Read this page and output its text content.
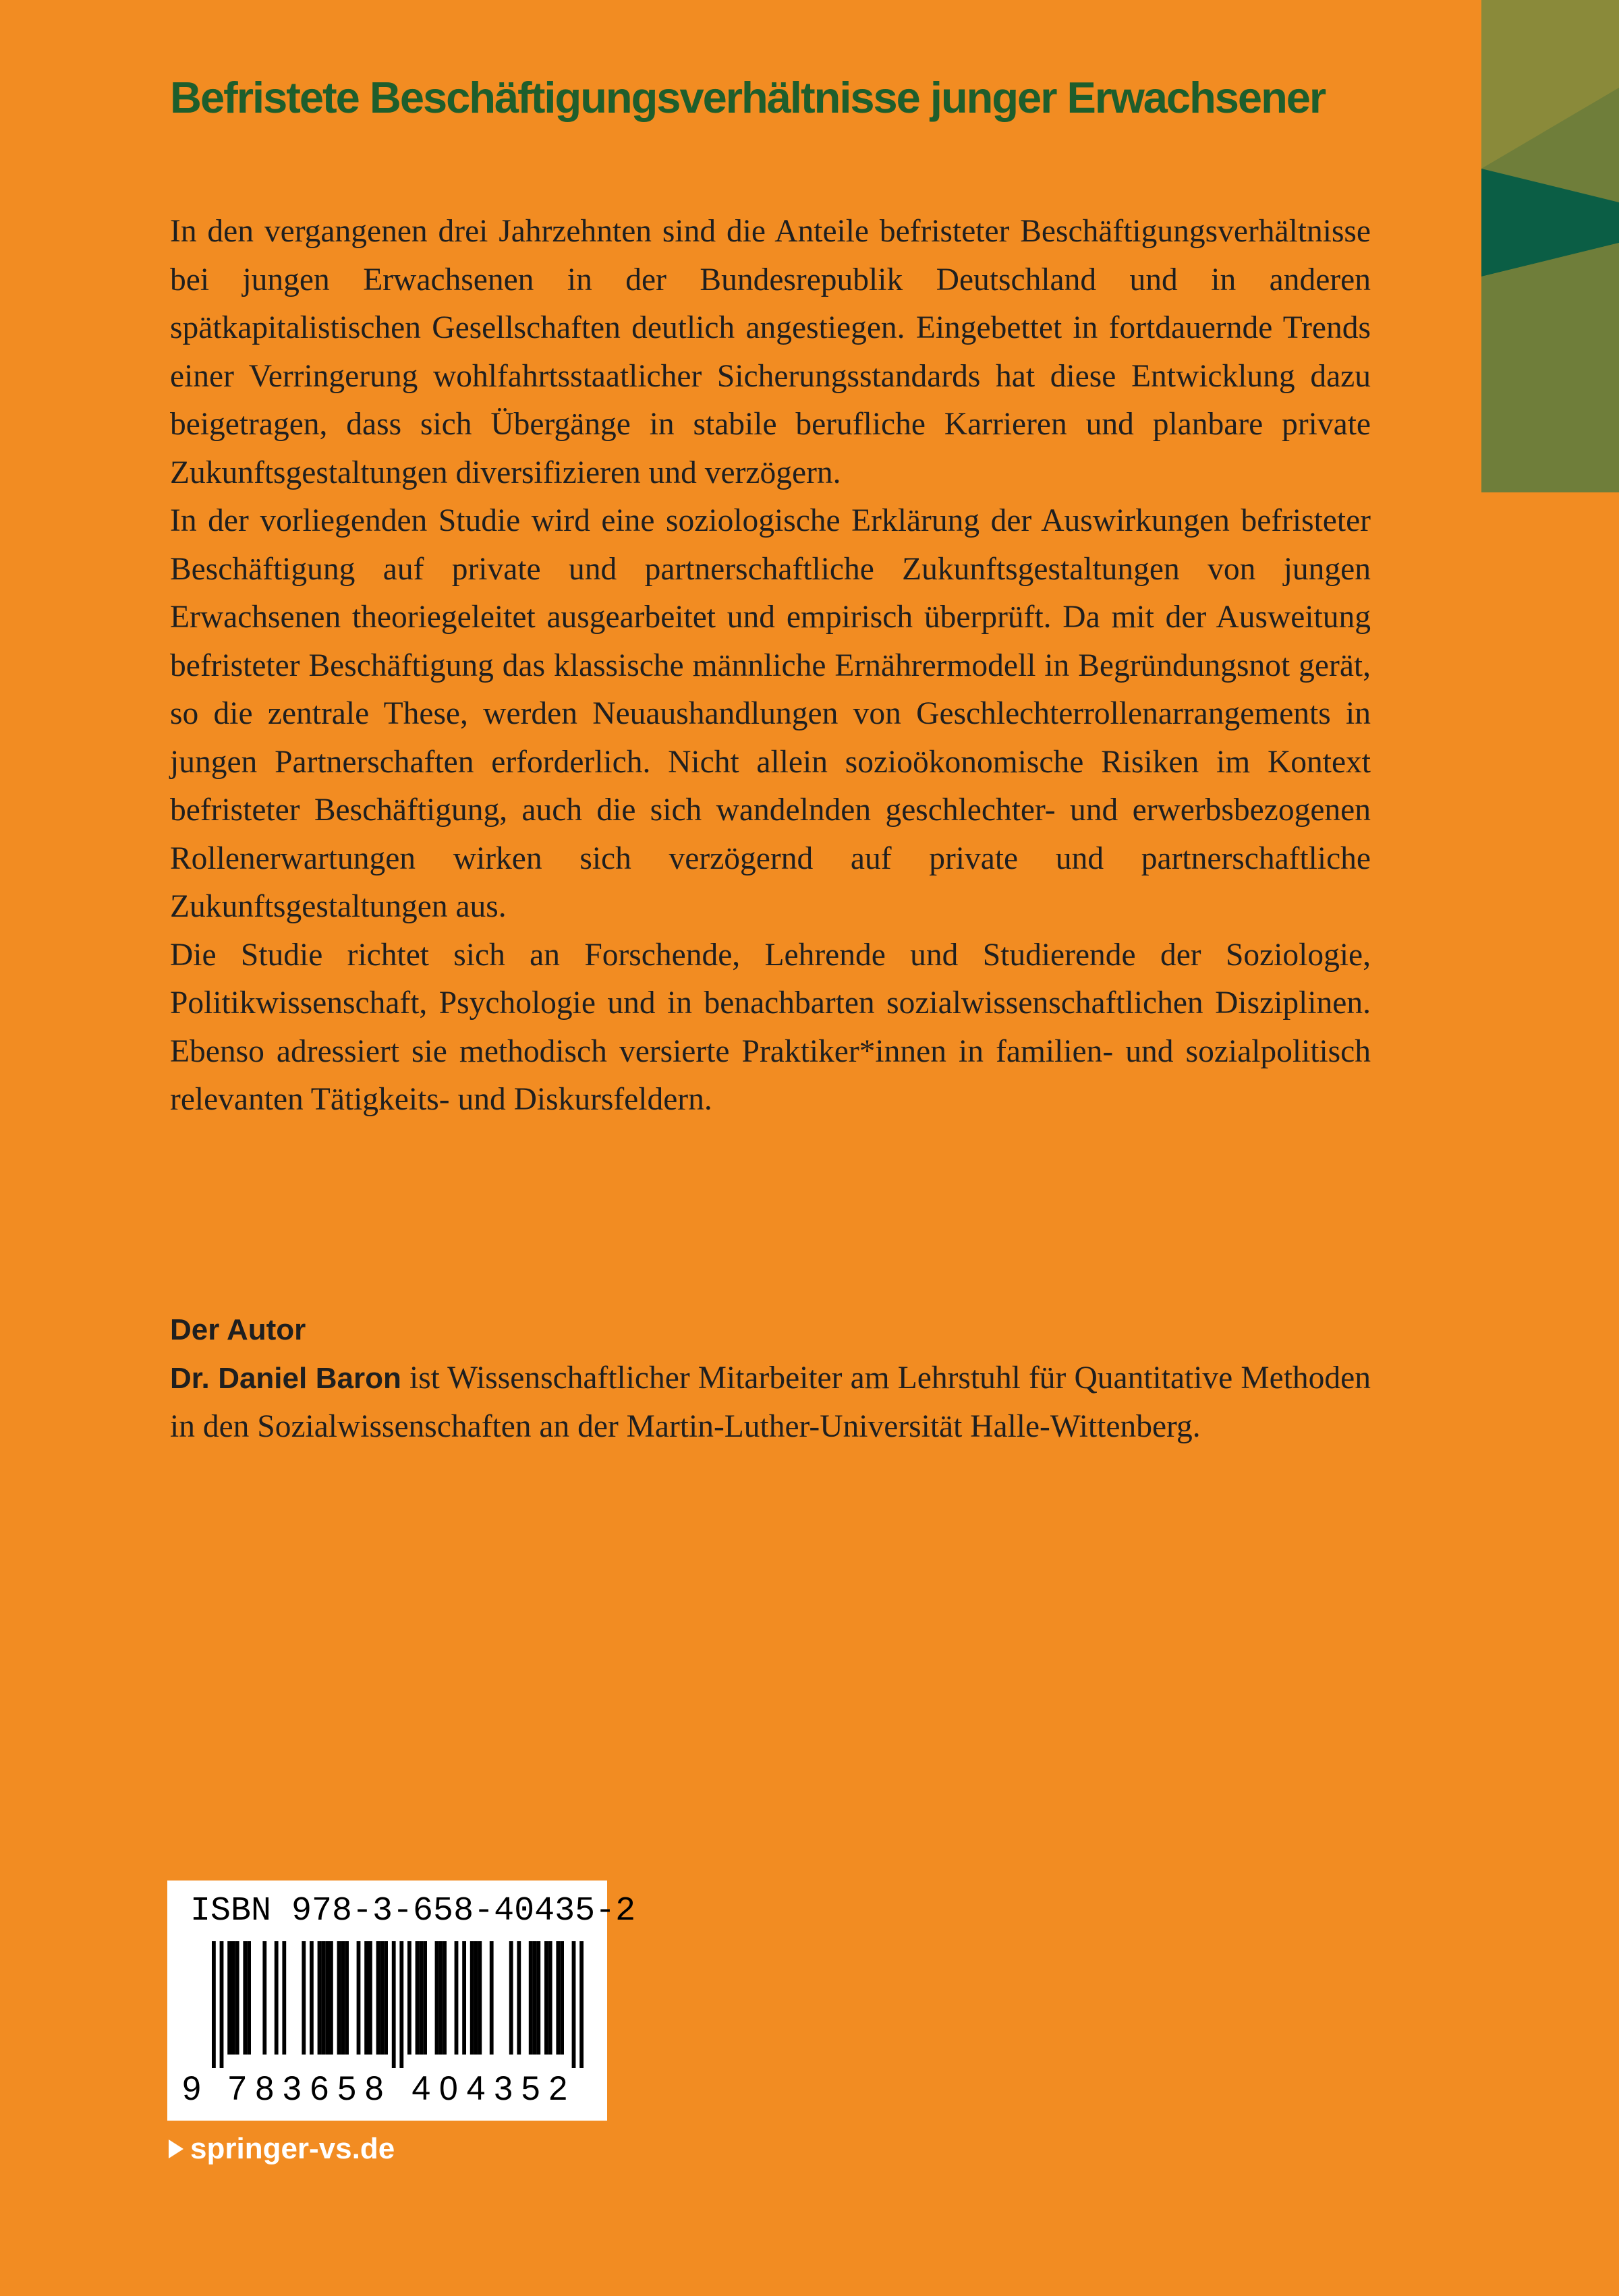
Befristete Beschäftigungsverhältnisse junger Erwachsener

In den vergangenen drei Jahrzehnten sind die Anteile befristeter Beschäftigungsverhältnisse bei jungen Erwachsenen in der Bundesrepublik Deutschland und in anderen spätkapitalistischen Gesellschaften deutlich angestiegen. Eingebettet in fortdauernde Trends einer Verringerung wohlfahrtsstaatlicher Sicherungsstandards hat diese Entwicklung dazu beigetragen, dass sich Übergänge in stabile berufliche Karrieren und planbare private Zukunftsgestaltungen diversifizieren und verzögern.

In der vorliegenden Studie wird eine soziologische Erklärung der Auswirkungen befristeter Beschäftigung auf private und partnerschaftliche Zukunftsgestaltungen von jungen Erwachsenen theoriegeleitet ausgearbeitet und empirisch überprüft. Da mit der Ausweitung befristeter Beschäftigung das klassische männliche Ernährermodell in Begründungsnot gerät, so die zentrale These, werden Neuaushandlungen von Geschlechterrollenarrangements in jungen Partnerschaften erforderlich. Nicht allein sozioökonomische Risiken im Kontext befristeter Beschäftigung, auch die sich wandelnden geschlechter- und erwerbsbezogenen Rollenerwartungen wirken sich verzögernd auf private und partnerschaftliche Zukunftsgestaltungen aus.

Die Studie richtet sich an Forschende, Lehrende und Studierende der Soziologie, Politikwissenschaft, Psychologie und in benachbarten sozialwissenschaftlichen Disziplinen. Ebenso adressiert sie methodisch versierte Praktiker*innen in familien- und sozialpolitisch relevanten Tätigkeits- und Diskursfeldern.

Der Autor

Dr. Daniel Baron ist Wissenschaftlicher Mitarbeiter am Lehrstuhl für Quantitative Methoden in den Sozialwissenschaften an der Martin-Luther-Universität Halle-Wittenberg.

ISBN 978-3-658-40435-2
9 7 8 3 6 5 8 4 0 4 3 5 2
springer-vs.de
